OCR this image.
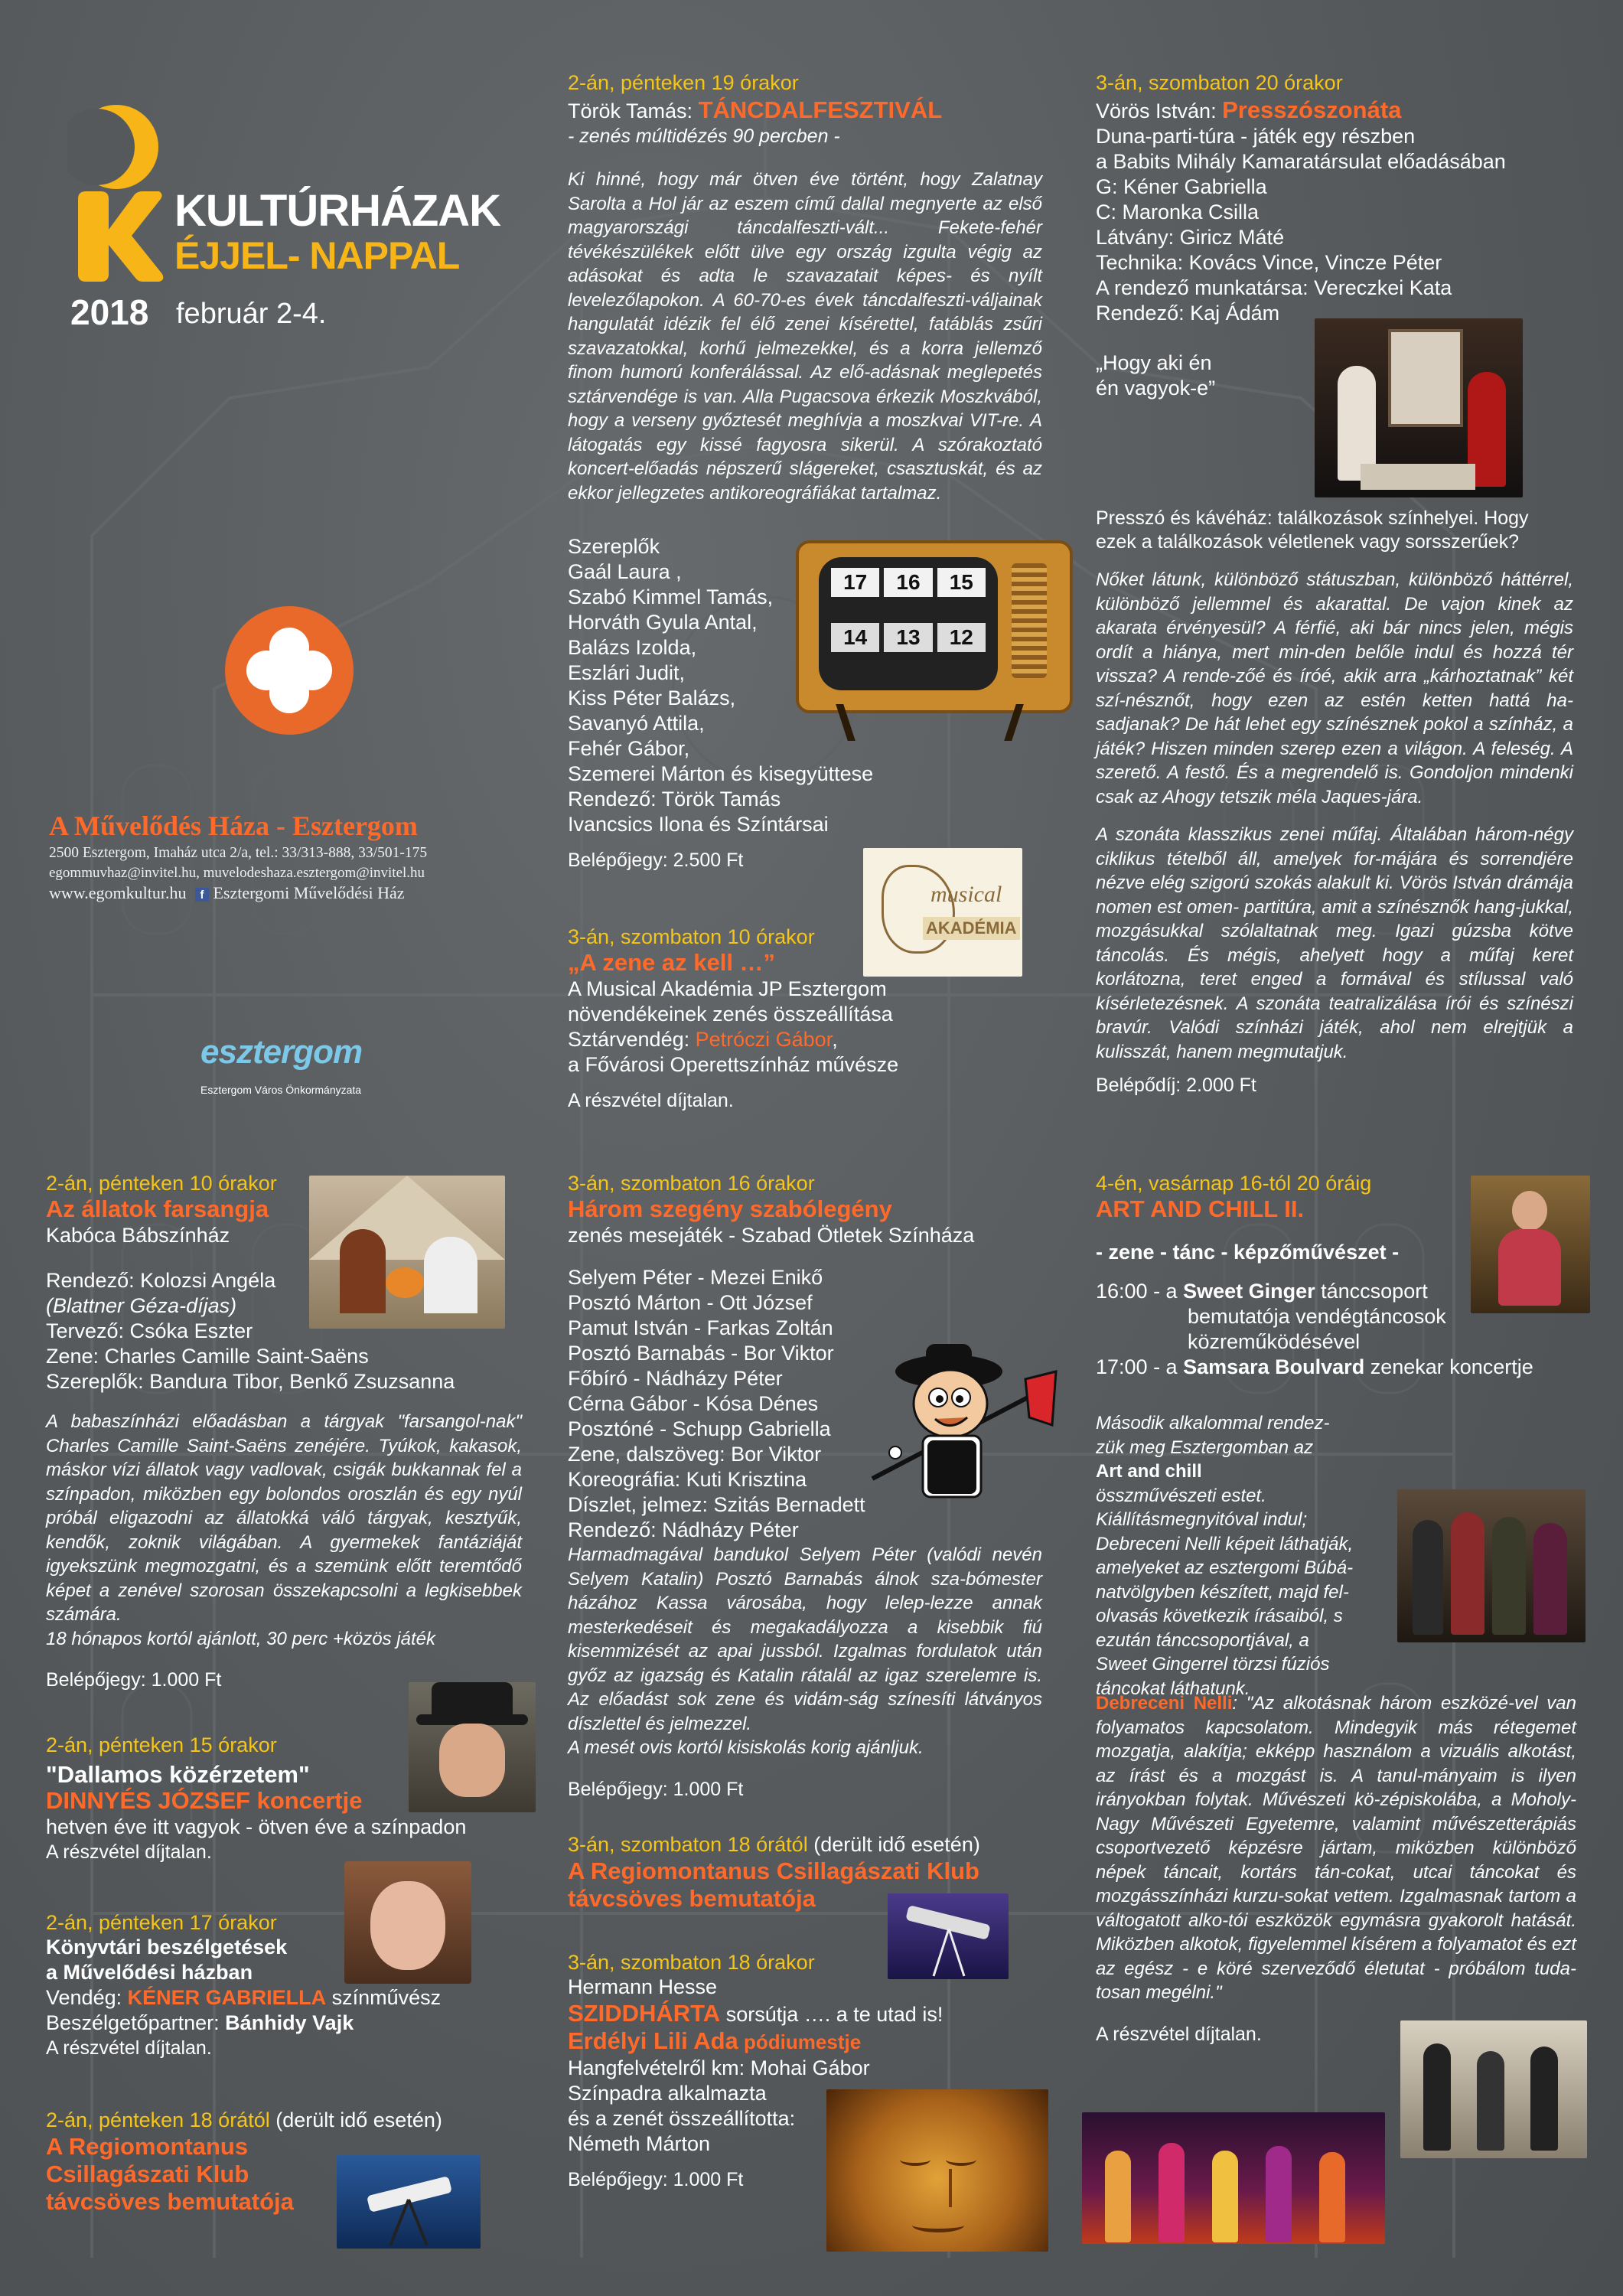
KULTÚRHÁZAK
ÉJJEL- NAPPAL
2018 február 2-4.
A Művelődés Háza - Esztergom
2500 Esztergom, Imaház utca 2/a, tel.: 33/313-888, 33/501-175
egommuvhaz@invitel.hu, muvelodeshaza.esztergom@invitel.hu
www.egomkultur.hu f Esztergomi Művelődési Ház
esztergom
Esztergom Város Önkormányzata
2-án, pénteken 19 órakor
Török Tamás: TÁNCDALFESZTIVÁL
- zenés múltidézés 90 percben -
Ki hinné, hogy már ötven éve történt, hogy Zalatnay Sarolta a Hol jár az eszem című dallal megnyerte az első magyarországi táncdalfeszti-vált... Fekete-fehér tévékészülékek előtt ülve egy ország izgulta végig az adásokat és adta le szavazatait képes- és nyílt levelezőlapokon. A 60-70-es évek táncdalfeszti-váljainak hangulatát idézik fel élő zenei kísérettel, fatáblás zsűri szavazatokkal, korhű jelmezekkel, és a korra jellemző finom humorú konferálással. Az elő-adásnak meglepetés sztárvendége is van. Alla Pugacsova érkezik Moszkvából, hogy a verseny győztesét meghívja a moszkvai VIT-re. A látogatás egy kissé fagyosra sikerül. A szórakoztató koncert-előadás népszerű slágereket, csasztuskát, és az ekkor jellegzetes antikoreográfiákat tartalmaz.
Szereplők
Gaál Laura ,
Szabó Kimmel Tamás,
Horváth Gyula Antal,
Balázs Izolda,
Eszlári Judit,
Kiss Péter Balázs,
Savanyó Attila,
Fehér Gábor,
Szemerei Márton és kisegyüttese
Rendező: Török Tamás
Ivancsics Ilona és Színtársai
Belépőjegy: 2.500 Ft
17	16	15
14	13	12
3-án, szombaton 10 órakor
„A zene az kell …”
A Musical Akadémia JP Esztergom
növendékeinek zenés összeállítása
Sztárvendég: Petróczi Gábor,
a Fővárosi Operettszínház művésze
A részvétel díjtalan.
musical
AKADÉMIA
3-án, szombaton 20 órakor
Vörös István: Presszószonáta
Duna-parti-túra - játék egy részben
a Babits Mihály Kamaratársulat előadásában
G: Kéner Gabriella
C: Maronka Csilla
Látvány: Giricz Máté
Technika: Kovács Vince, Vincze Péter
A rendező munkatársa: Vereczkei Kata
Rendező: Kaj Ádám
„Hogy aki én
én vagyok-e”
Presszó és kávéház: találkozások színhelyei. Hogy ezek a találkozások véletlenek vagy sorsszerűek?
Nőket látunk, különböző státuszban, különböző háttérrel, különböző jellemmel és akarattal. De vajon kinek az akarata érvényesül? A férfié, aki bár nincs jelen, mégis ordít a hiánya, mert min-den belőle indul és hozzá tér vissza? A rende-zőé és íróé, akik arra „kárhoztatnak” két szí-nésznőt, hogy ezen az estén ketten hattá ha-sadjanak? De hát lehet egy színésznek pokol a színház, a játék? Hiszen minden szerep ezen a világon. A feleség. A szerető. A festő. És a megrendelő is. Gondoljon mindenki csak az Ahogy tetszik méla Jaques-jára.
A szonáta klasszikus zenei műfaj. Általában három-négy ciklikus tételből áll, amelyek for-májára és sorrendjére nézve elég szigorú szokás alakult ki. Vörös István drámája nomen est omen- partitúra, amit a színésznők hang-jukkal, mozgásukkal szólaltatnak meg. Igazi gúzsba kötve táncolás. És mégis, ahelyett hogy a műfaj keret korlátozna, teret enged a formával és stílussal való kísérletezésnek. A szonáta teatralizálása írói és színészi bravúr. Valódi színházi játék, ahol nem elrejtjük a kulisszát, hanem megmutatjuk.
Belépődíj: 2.000 Ft
2-án, pénteken 10 órakor
Az állatok farsangja
Kabóca Bábszínház
Rendező: Kolozsi Angéla
(Blattner Géza-díjas)
Tervező: Csóka Eszter
Zene: Charles Camille Saint-Saëns
Szereplők: Bandura Tibor, Benkő Zsuzsanna
A babaszínházi előadásban a tárgyak "farsangol-nak" Charles Camille Saint-Saëns zenéjére. Tyúkok, kakasok, máskor vízi állatok vagy vadlovak, csigák bukkannak fel a színpadon, miközben egy bolondos oroszlán és egy nyúl próbál eligazodni az állatokká váló tárgyak, kesztyűk, kendők, zoknik világában. A gyermekek fantáziáját igyekszünk megmozgatni, és a szemünk előtt teremtődő képet a zenével szorosan összekapcsolni a legkisebbek számára.
18 hónapos kortól ajánlott, 30 perc +közös játék
Belépőjegy: 1.000 Ft
2-án, pénteken 15 órakor
"Dallamos közérzetem"
DINNYÉS JÓZSEF koncertje
hetven éve itt vagyok - ötven éve a színpadon
A részvétel díjtalan.
2-án, pénteken 17 órakor
Könyvtári beszélgetések
a Művelődési házban
Vendég: KÉNER GABRIELLA színművész
Beszélgetőpartner: Bánhidy Vajk
A részvétel díjtalan.
2-án, pénteken 18 órától (derült idő esetén)
A Regiomontanus
Csillagászati Klub
távcsöves bemutatója
3-án, szombaton 16 órakor
Három szegény szabólegény
zenés mesejáték - Szabad Ötletek Színháza
Selyem Péter - Mezei Enikő
Posztó Márton - Ott József
Pamut István - Farkas Zoltán
Posztó Barnabás - Bor Viktor
Főbíró - Nádházy Péter
Cérna Gábor - Kósa Dénes
Posztóné - Schupp Gabriella
Zene, dalszöveg: Bor Viktor
Koreográfia: Kuti Krisztina
Díszlet, jelmez: Szitás Bernadett
Rendező: Nádházy Péter
Harmadmagával bandukol Selyem Péter (valódi nevén Selyem Katalin) Posztó Barnabás álnok sza-bómester házához Kassa városába, hogy lelep-lezze annak mesterkedéseit és megakadályozza a kisebbik fiú kisemmizését az apai jussból. Izgalmas fordulatok után győz az igazság és Katalin rátalál az igaz szerelemre is. Az előadást sok zene és vidám-ság színesíti látványos díszlettel és jelmezzel.
A mesét ovis kortól kisiskolás korig ajánljuk.
Belépőjegy: 1.000 Ft
3-án, szombaton 18 órától (derült idő esetén)
A Regiomontanus Csillagászati Klub
távcsöves bemutatója
3-án, szombaton 18 órakor
Hermann Hesse
SZIDDHÁRTA sorsútja …. a te utad is!
Erdélyi Lili Ada pódiumestje
Hangfelvételről km: Mohai Gábor
Színpadra alkalmazta
és a zenét összeállította:
Németh Márton
Belépőjegy: 1.000 Ft
4-én, vasárnap 16-tól 20 óráig
ART AND CHILL II.
- zene - tánc - képzőművészet -
16:00 - a Sweet Ginger tánccsoport
bemutatója vendégtáncosok
közreműködésével
17:00 - a Samsara Boulvard zenekar koncertje
Második alkalommal rendez-
zük meg Esztergomban az
Art and chill
összművészeti estet.
Kiállításmegnyitóval indul;
Debreceni Nelli képeit láthatják,
amelyeket az esztergomi Búbá-
natvölgyben készített, majd fel-
olvasás következik írásaiból, s
ezután tánccsoportjával, a
Sweet Gingerrel törzsi fúziós
táncokat láthatunk.
Debreceni Nelli: "Az alkotásnak három eszközé-vel van folyamatos kapcsolatom. Mindegyik más rétegemet mozgatja, alakítja; ekképp használom a vizuális alkotást, az írást és a mozgást is. A tanul-mányaim is ilyen irányokban folytak. Művészeti kö-zépiskolába, a Moholy-Nagy Művészeti Egyetemre, valamint művészetterápiás csoportvezető képzésre jártam, miközben különböző népek táncait, kortárs tán-cokat, utcai táncokat és mozgásszínházi kurzu-sokat vettem. Izgalmasnak tartom a váltogatott alko-tói eszközök egymásra gyakorolt hatását. Miközben alkotok, figyelemmel kísérem a folyamatot és ezt az egész - e köré szerveződő életutat - próbálom tuda-tosan megélni."
A részvétel díjtalan.
